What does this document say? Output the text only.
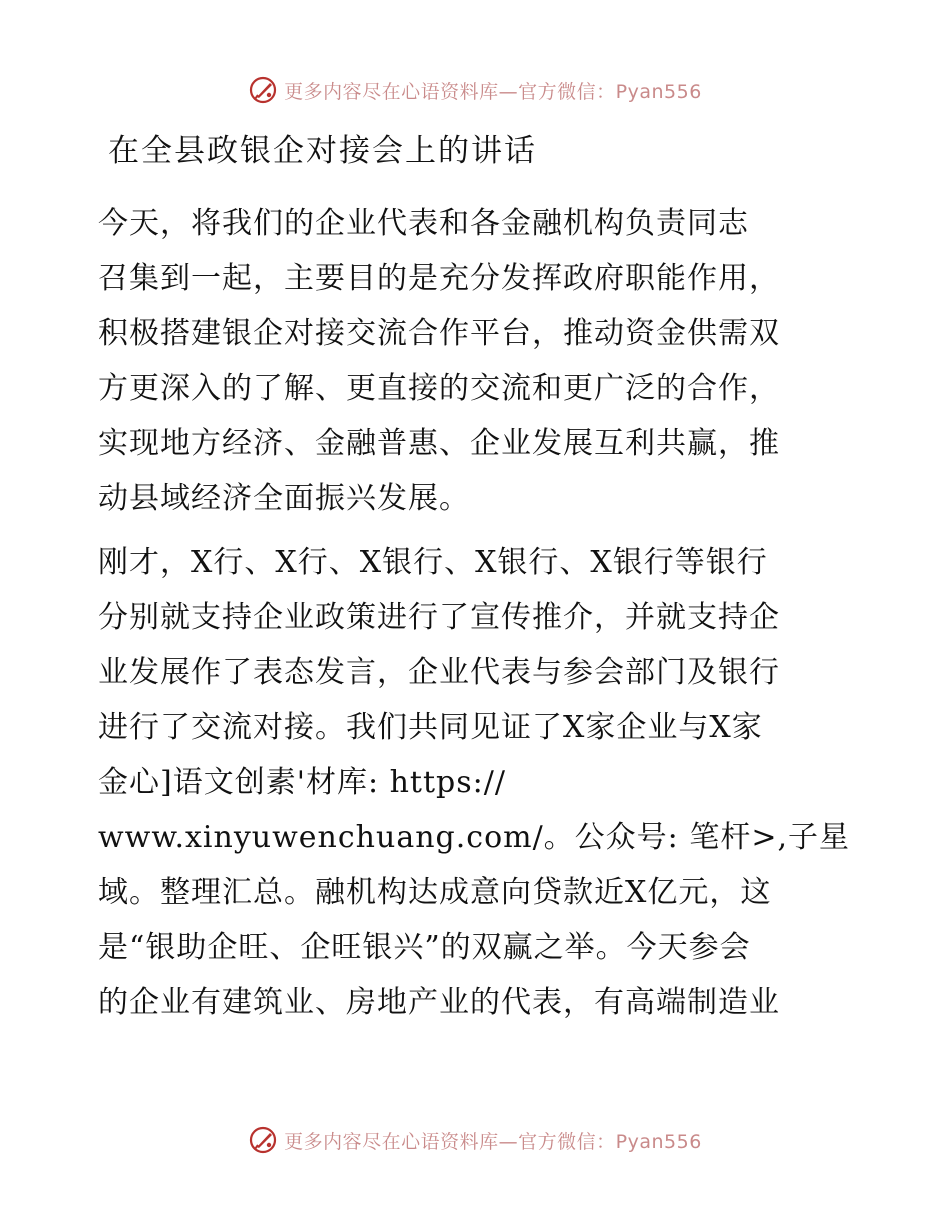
更多内容尽在心语资料库—官方微信：Pyan556
在全县政银企对接会上的讲话
今天，将我们的企业代表和各金融机构负责同志
召集到一起，主要目的是充分发挥政府职能作用，
积极搭建银企对接交流合作平台，推动资金供需双
方更深入的了解、更直接的交流和更广泛的合作，
实现地方经济、金融普惠、企业发展互利共赢，推
动县域经济全面振兴发展。
刚才，X行、X行、X银行、X银行、X银行等银行
分别就支持企业政策进行了宣传推介，并就支持企
业发展作了表态发言，企业代表与参会部门及银行
进行了交流对接。我们共同见证了X家企业与X家
金心]语文创素'材库: https://
www.xinyuwenchuang.com/。公众号: 笔杆>,子星
域。整理汇总。融机构达成意向贷款近X亿元，这
是“银助企旺、企旺银兴”的双赢之举。今天参会
的企业有建筑业、房地产业的代表，有高端制造业
更多内容尽在心语资料库—官方微信：Pyan556
